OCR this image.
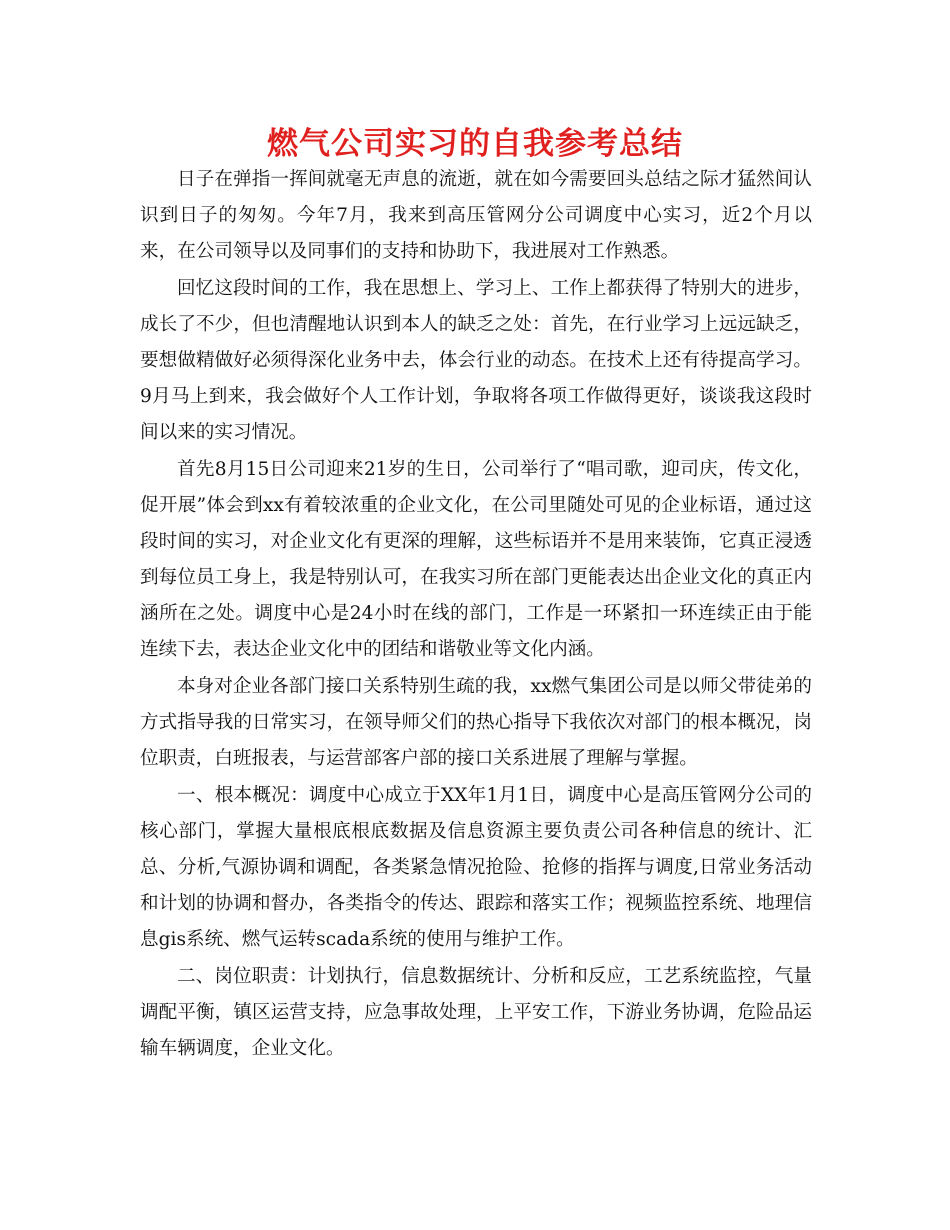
燃气公司实习的自我参考总结

日子在弹指一挥间就毫无声息的流逝，就在如今需要回头总结之际才猛然间认识到日子的匆匆。今年7月，我来到高压管网分公司调度中心实习，近2个月以来，在公司领导以及同事们的支持和协助下，我进展对工作熟悉。

回忆这段时间的工作，我在思想上、学习上、工作上都获得了特别大的进步，成长了不少，但也清醒地认识到本人的缺乏之处：首先，在行业学习上远远缺乏，要想做精做好必须得深化业务中去，体会行业的动态。在技术上还有待提高学习。9月马上到来，我会做好个人工作计划，争取将各项工作做得更好，谈谈我这段时间以来的实习情况。

首先8月15日公司迎来21岁的生日，公司举行了“唱司歌，迎司庆，传文化，促开展”体会到xx有着较浓重的企业文化，在公司里随处可见的企业标语，通过这段时间的实习，对企业文化有更深的理解，这些标语并不是用来装饰，它真正浸透到每位员工身上，我是特别认可，在我实习所在部门更能表达出企业文化的真正内涵所在之处。调度中心是24小时在线的部门，工作是一环紧扣一环连续正由于能连续下去，表达企业文化中的团结和谐敬业等文化内涵。

本身对企业各部门接口关系特别生疏的我，xx燃气集团公司是以师父带徒弟的方式指导我的日常实习，在领导师父们的热心指导下我依次对部门的根本概况，岗位职责，白班报表，与运营部客户部的接口关系进展了理解与掌握。

一、根本概况：调度中心成立于XX年1月1日，调度中心是高压管网分公司的核心部门，掌握大量根底根底数据及信息资源主要负责公司各种信息的统计、汇总、分析,气源协调和调配，各类紧急情况抢险、抢修的指挥与调度,日常业务活动和计划的协调和督办，各类指令的传达、跟踪和落实工作；视频监控系统、地理信息gis系统、燃气运转scada系统的使用与维护工作。

二、岗位职责：计划执行，信息数据统计、分析和反应，工艺系统监控，气量调配平衡，镇区运营支持，应急事故处理，上平安工作，下游业务协调，危险品运输车辆调度，企业文化。
